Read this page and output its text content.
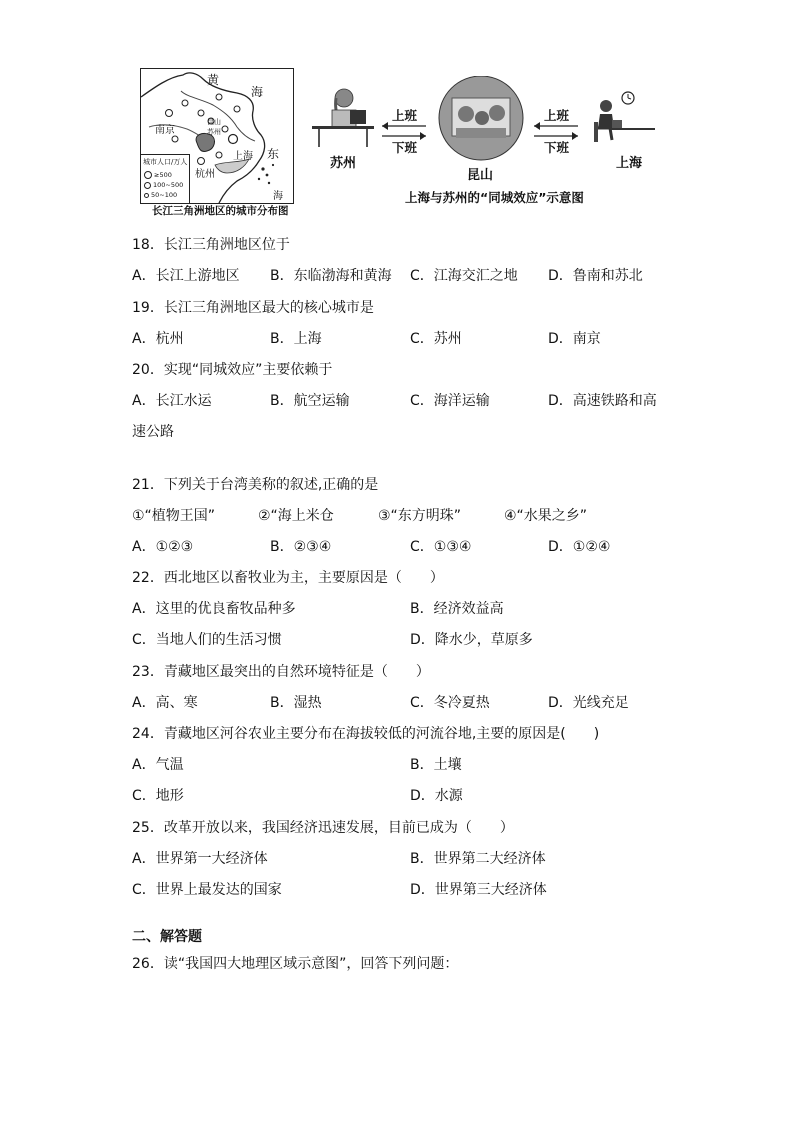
黄
海
南京
昆山
苏州
上海 东
杭州
海
城市人口/万人
≥500
100~500
50~100
长江三角洲地区的城市分布图
苏州
昆山
上海
上班
下班
上班
下班
上海与苏州的“同城效应”示意图
18．长江三角洲地区位于
A．长江上游地区 B．东临渤海和黄海 C．江海交汇之地 D．鲁南和苏北
19．长江三角洲地区最大的核心城市是
A．杭州	B．上海	C．苏州	D．南京
20．实现“同城效应”主要依赖于
A．长江水运	B．航空运输	C．海洋运输	D．高速铁路和高
速公路
21．下列关于台湾美称的叙述,正确的是
①“植物王国”	②“海上米仓	③“东方明珠”	④“水果之乡”
A．①②③	B．②③④	C．①③④	D．①②④
22．西北地区以畜牧业为主，主要原因是（　　）
A．这里的优良畜牧品种多	B．经济效益高
C．当地人们的生活习惯	D．降水少，草原多
23．青藏地区最突出的自然环境特征是（　　）
A．高、寒	B．湿热	C．冬冷夏热	D．光线充足
24．青藏地区河谷农业主要分布在海拔较低的河流谷地,主要的原因是(　　)
A．气温	B．土壤
C．地形	D．水源
25．改革开放以来，我国经济迅速发展，目前已成为（　　）
A．世界第一大经济体	B．世界第二大经济体
C．世界上最发达的国家	D．世界第三大经济体
二、解答题
26．读“我国四大地理区域示意图”，回答下列问题：
